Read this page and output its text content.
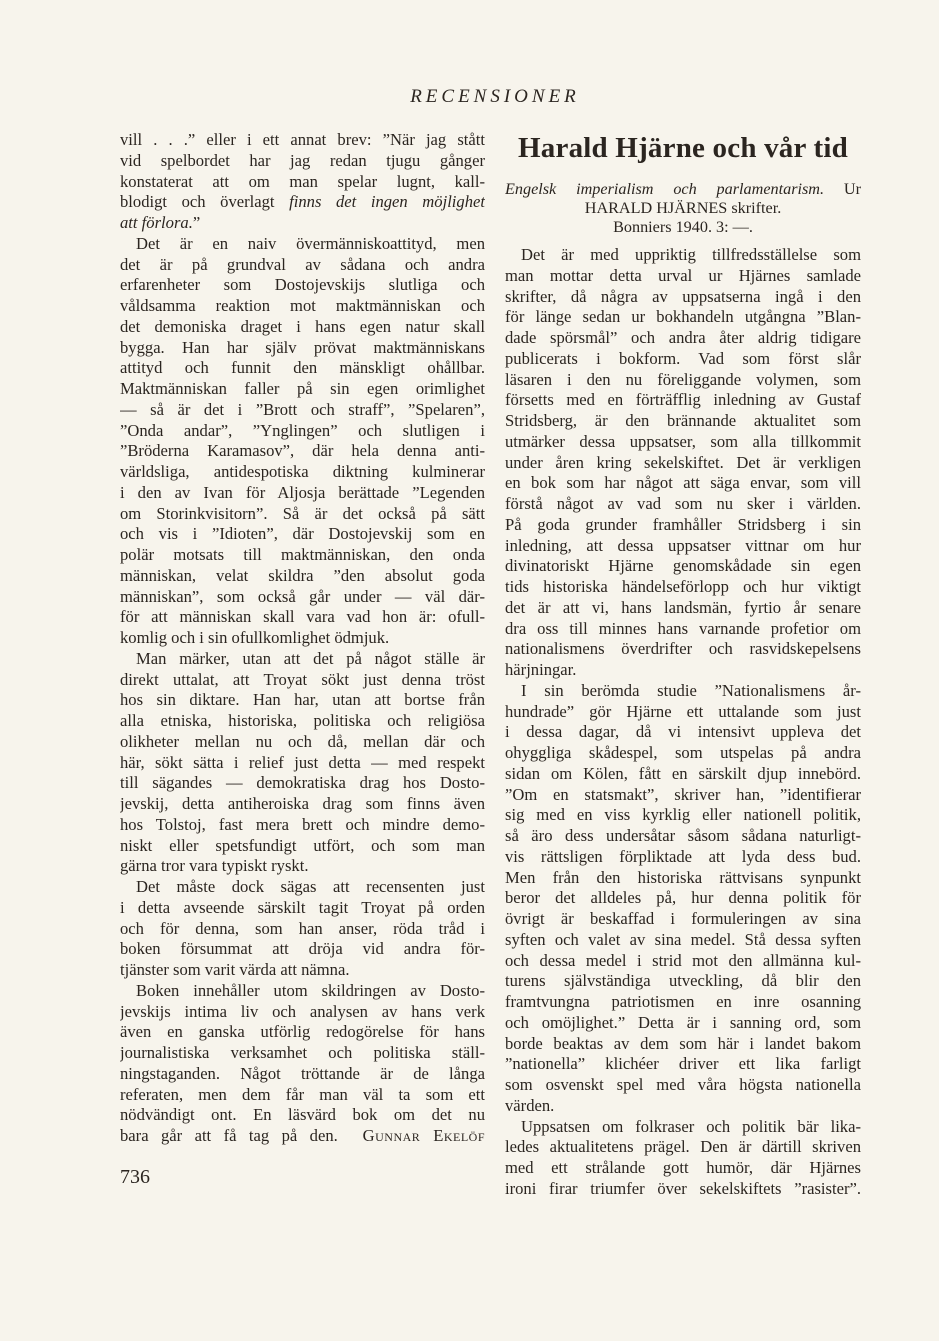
RECENSIONER
vill . . .” eller i ett annat brev: ”När jag stått
vid spelbordet har jag redan tjugu gånger
konstaterat att om man spelar lugnt, kall-
blodigt och överlagt finns det ingen möjlighet
att förlora.”
Det är en naiv övermänniskoattityd, men
det är på grundval av sådana och andra
erfarenheter som Dostojevskijs slutliga och
våldsamma reaktion mot maktmänniskan och
det demoniska draget i hans egen natur skall
bygga. Han har själv prövat maktmänniskans
attityd och funnit den mänskligt ohållbar.
Maktmänniskan faller på sin egen orimlighet
— så är det i ”Brott och straff”, ”Spelaren”,
”Onda andar”, ”Ynglingen” och slutligen i
”Bröderna Karamasov”, där hela denna anti-
världsliga, antidespotiska diktning kulminerar
i den av Ivan för Aljosja berättade ”Legenden
om Storinkvisitorn”. Så är det också på sätt
och vis i ”Idioten”, där Dostojevskij som en
polär motsats till maktmänniskan, den onda
människan, velat skildra ”den absolut goda
människan”, som också går under — väl där-
för att människan skall vara vad hon är: ofull-
komlig och i sin ofullkomlighet ödmjuk.
Man märker, utan att det på något ställe är
direkt uttalat, att Troyat sökt just denna tröst
hos sin diktare. Han har, utan att bortse från
alla etniska, historiska, politiska och religiösa
olikheter mellan nu och då, mellan där och
här, sökt sätta i relief just detta — med respekt
till sägandes — demokratiska drag hos Dosto-
jevskij, detta antiheroiska drag som finns även
hos Tolstoj, fast mera brett och mindre demo-
niskt eller spetsfundigt utfört, och som man
gärna tror vara typiskt ryskt.
Det måste dock sägas att recensenten just
i detta avseende särskilt tagit Troyat på orden
och för denna, som han anser, röda tråd i
boken försummat att dröja vid andra för-
tjänster som varit värda att nämna.
Boken innehåller utom skildringen av Dosto-
jevskijs intima liv och analysen av hans verk
även en ganska utförlig redogörelse för hans
journalistiska verksamhet och politiska ställ-
ningstaganden. Något tröttande är de långa
referaten, men dem får man väl ta som ett
nödvändigt ont. En läsvärd bok om det nu
bara går att få tag på den.  Gunnar Ekelöf
Harald Hjärne och vår tid
Engelsk imperialism och parlamentarism. Ur
HARALD HJÄRNES skrifter.
Bonniers 1940. 3: —.
Det är med uppriktig tillfredsställelse som
man mottar detta urval ur Hjärnes samlade
skrifter, då några av uppsatserna ingå i den
för länge sedan ur bokhandeln utgångna ”Blan-
dade spörsmål” och andra åter aldrig tidigare
publicerats i bokform. Vad som först slår
läsaren i den nu föreliggande volymen, som
försetts med en förträfflig inledning av Gustaf
Stridsberg, är den brännande aktualitet som
utmärker dessa uppsatser, som alla tillkommit
under åren kring sekelskiftet. Det är verkligen
en bok som har något att säga envar, som vill
förstå något av vad som nu sker i världen.
På goda grunder framhåller Stridsberg i sin
inledning, att dessa uppsatser vittnar om hur
divinatoriskt Hjärne genomskådade sin egen
tids historiska händelseförlopp och hur viktigt
det är att vi, hans landsmän, fyrtio år senare
dra oss till minnes hans varnande profetior om
nationalismens överdrifter och rasvidskepelsens
härjningar.
I sin berömda studie ”Nationalismens år-
hundrade” gör Hjärne ett uttalande som just
i dessa dagar, då vi intensivt uppleva det
ohyggliga skådespel, som utspelas på andra
sidan om Kölen, fått en särskilt djup innebörd.
”Om en statsmakt”, skriver han, ”identifierar
sig med en viss kyrklig eller nationell politik,
så äro dess undersåtar såsom sådana naturligt-
vis rättsligen förpliktade att lyda dess bud.
Men från den historiska rättvisans synpunkt
beror det alldeles på, hur denna politik för
övrigt är beskaffad i formuleringen av sina
syften och valet av sina medel. Stå dessa syften
och dessa medel i strid mot den allmänna kul-
turens självständiga utveckling, då blir den
framtvungna patriotismen en inre osanning
och omöjlighet.” Detta är i sanning ord, som
borde beaktas av dem som här i landet bakom
”nationella” klichéer driver ett lika farligt
som osvenskt spel med våra högsta nationella
värden.
Uppsatsen om folkraser och politik bär lika-
ledes aktualitetens prägel. Den är därtill skriven
med ett strålande gott humör, där Hjärnes
ironi firar triumfer över sekelskiftets ”rasister”.
736
